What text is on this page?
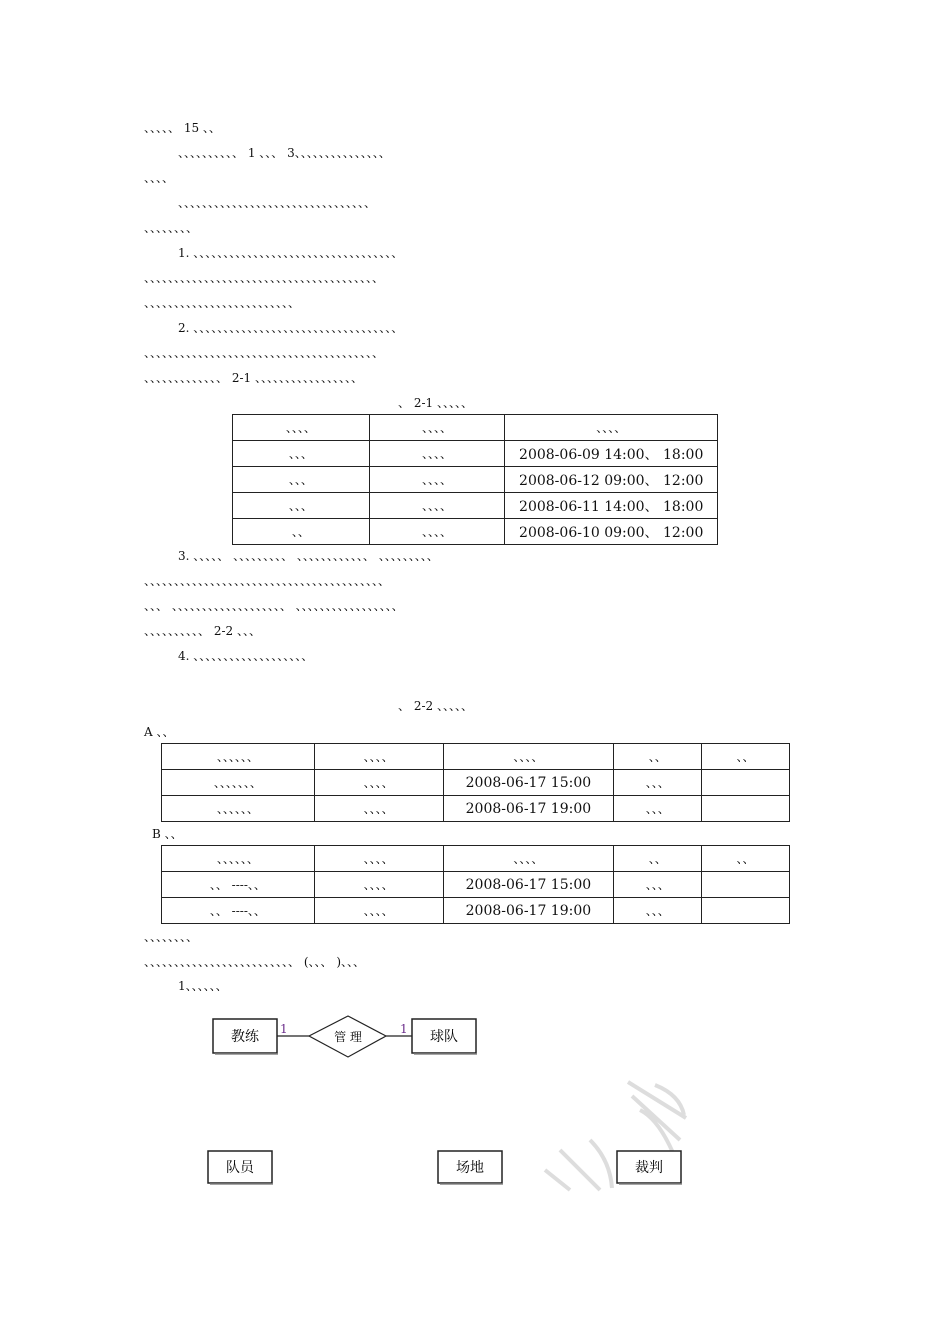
、、、、、 15 、、
、、、、、、、、、、 1 、、、 3、、、、、、、、、、、、、、、
、、、、
、、、、、、、、、、、、、、、、、、、、、、、、、、、、、、、、
、、、、、、、、
1. 、、、、、、、、、、、、、、、、、、、、、、、、、、、、、、、、、、
、、、、、、、、、、、、、、、、、、、、、、、、、、、、、、、、、、、、、、、
、、、、、、、、、、、、、、、、、、、、、、、、、
2. 、、、、、、、、、、、、、、、、、、、、、、、、、、、、、、、、、、
、、、、、、、、、、、、、、、、、、、、、、、、、、、、、、、、、、、、、、、
、、、、、、、、、、、、、 2-1 、、、、、、、、、、、、、、、、、
、 2-1 、、、、、
、、、、	、、、、	、、、、
、、、	、、、、	2008-06-09 14:00、 18:00
、、、	、、、、	2008-06-12 09:00、 12:00
、、、	、、、、	2008-06-11 14:00、 18:00
、、	、、、、	2008-06-10 09:00、 12:00
3. 、、、、、 、、、、、、、、、 、、、、、、、、、、、、 、、、、、、、、、
、、、、、、、、、、、、、、、、、、、、、、、、、、、、、、、、、、、、、、、、
、、、 、、、、、、、、、、、、、、、、、、、 、、、、、、、、、、、、、、、、、
、、、、、、、、、、 2-2 、、、
4. 、、、、、、、、、、、、、、、、、、、
、 2-2 、、、、、
A 、、
、、、、、、	、、、、	、、、、	、、	、、
、、、、、、、	、、、、	2008-06-17 15:00	、、、	
、、、、、、	、、、、	2008-06-17 19:00	、、、	
B 、、
、、、、、、	、、、、	、、、、	、、	、、
、、 ----、、	、、、、	2008-06-17 15:00	、、、	
、、 ----、、	、、、、	2008-06-17 19:00	、、、	
、、、、、、、、
、、、、、、、、、、、、、、、、、、、、、、、、、 (、、、 )、、、
1、、、、、、
教练	管 理	球队
1	1
队员	场地	裁判
